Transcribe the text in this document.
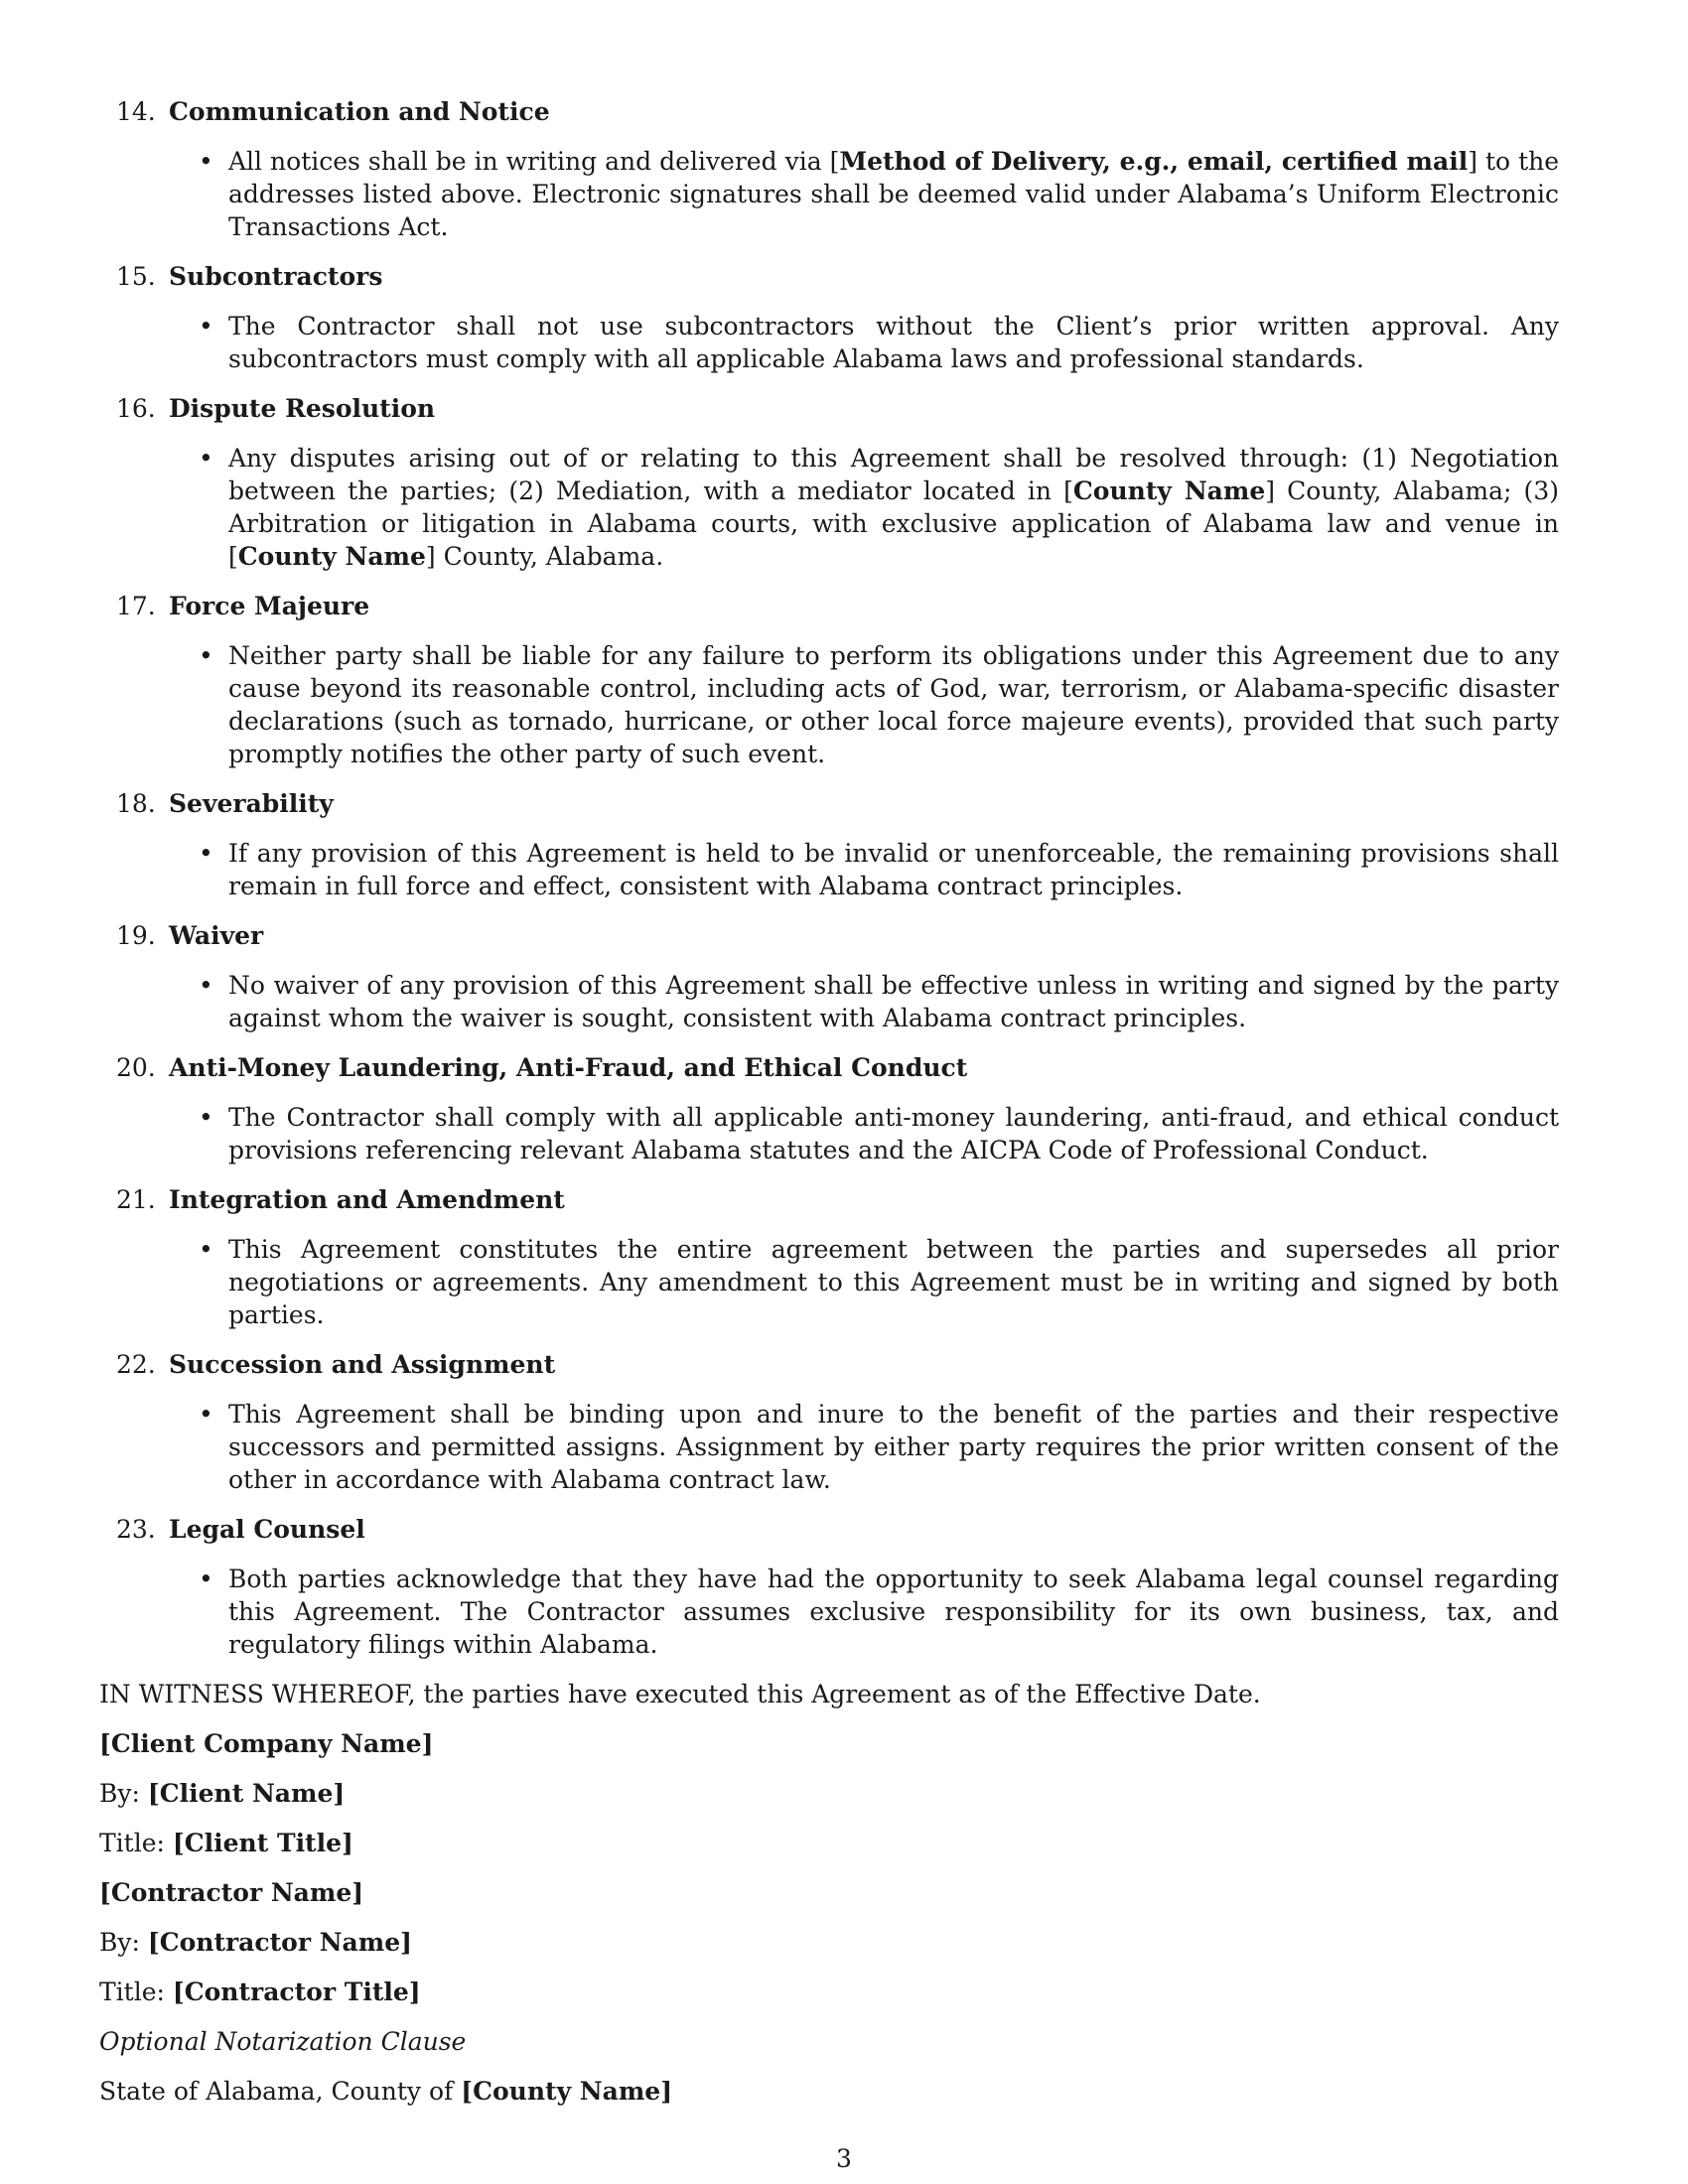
14. Communication and Notice
• All notices shall be in writing and delivered via [Method of Delivery, e.g., email, certified mail] to the addresses listed above. Electronic signatures shall be deemed valid under Alabama’s Uniform Electronic Transactions Act.
15. Subcontractors
• The Contractor shall not use subcontractors without the Client’s prior written approval. Any subcontractors must comply with all applicable Alabama laws and professional standards.
16. Dispute Resolution
• Any disputes arising out of or relating to this Agreement shall be resolved through: (1) Negotiation between the parties; (2) Mediation, with a mediator located in [County Name] County, Alabama; (3) Arbitration or litigation in Alabama courts, with exclusive application of Alabama law and venue in [County Name] County, Alabama.
17. Force Majeure
• Neither party shall be liable for any failure to perform its obligations under this Agreement due to any cause beyond its reasonable control, including acts of God, war, terrorism, or Alabama-specific disaster declarations (such as tornado, hurricane, or other local force majeure events), provided that such party promptly notifies the other party of such event.
18. Severability
• If any provision of this Agreement is held to be invalid or unenforceable, the remaining provisions shall remain in full force and effect, consistent with Alabama contract principles.
19. Waiver
• No waiver of any provision of this Agreement shall be effective unless in writing and signed by the party against whom the waiver is sought, consistent with Alabama contract principles.
20. Anti-Money Laundering, Anti-Fraud, and Ethical Conduct
• The Contractor shall comply with all applicable anti-money laundering, anti-fraud, and ethical conduct provisions referencing relevant Alabama statutes and the AICPA Code of Professional Conduct.
21. Integration and Amendment
• This Agreement constitutes the entire agreement between the parties and supersedes all prior negotiations or agreements. Any amendment to this Agreement must be in writing and signed by both parties.
22. Succession and Assignment
• This Agreement shall be binding upon and inure to the benefit of the parties and their respective successors and permitted assigns. Assignment by either party requires the prior written consent of the other in accordance with Alabama contract law.
23. Legal Counsel
• Both parties acknowledge that they have had the opportunity to seek Alabama legal counsel regarding this Agreement. The Contractor assumes exclusive responsibility for its own business, tax, and regulatory filings within Alabama.

IN WITNESS WHEREOF, the parties have executed this Agreement as of the Effective Date.

[Client Company Name]

By: [Client Name]

Title: [Client Title]

[Contractor Name]

By: [Contractor Name]

Title: [Contractor Title]

Optional Notarization Clause

State of Alabama, County of [County Name]

3
